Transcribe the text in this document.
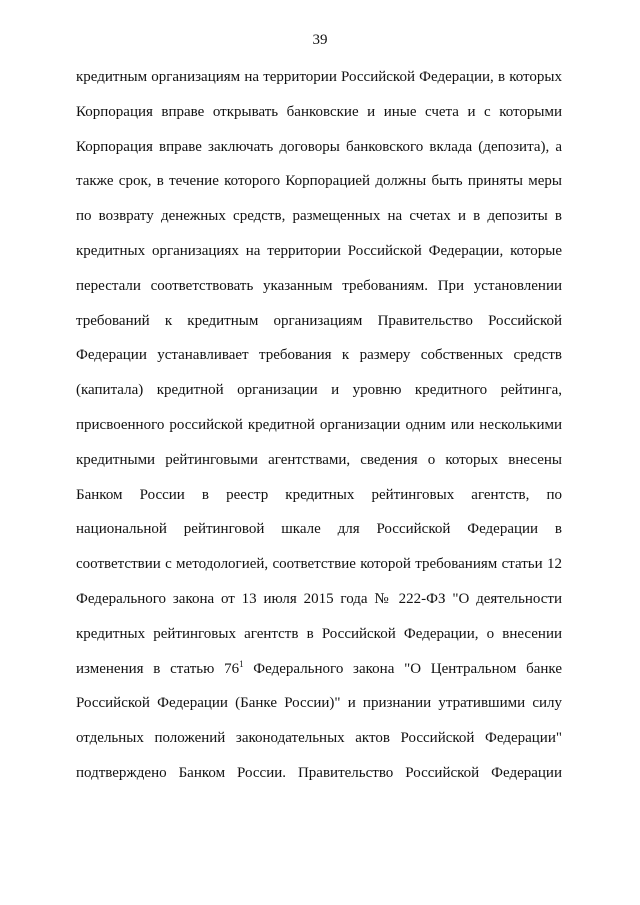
39
кредитным организациям на территории Российской Федерации, в которых
Корпорация вправе открывать банковские и иные счета и с которыми
Корпорация вправе заключать договоры банковского вклада (депозита), а
также срок, в течение которого Корпорацией должны быть приняты меры
по возврату денежных средств, размещенных на счетах и в депозиты в
кредитных организациях на территории Российской Федерации, которые
перестали соответствовать указанным требованиям. При установлении
требований к кредитным организациям Правительство Российской
Федерации устанавливает требования к размеру собственных средств
(капитала) кредитной организации и уровню кредитного рейтинга,
присвоенного российской кредитной организации одним или несколькими
кредитными рейтинговыми агентствами, сведения о которых внесены
Банком России в реестр кредитных рейтинговых агентств, по
национальной рейтинговой шкале для Российской Федерации в
соответствии с методологией, соответствие которой требованиям статьи 12
Федерального закона от 13 июля 2015 года № 222-ФЗ "О деятельности
кредитных рейтинговых агентств в Российской Федерации, о внесении
изменения в статью $76^1$ Федерального закона "О Центральном банке
Российской Федерации (Банке России)" и признании утратившими силу
отдельных положений законодательных актов Российской Федерации"
подтверждено Банком России. Правительство Российской Федерации
